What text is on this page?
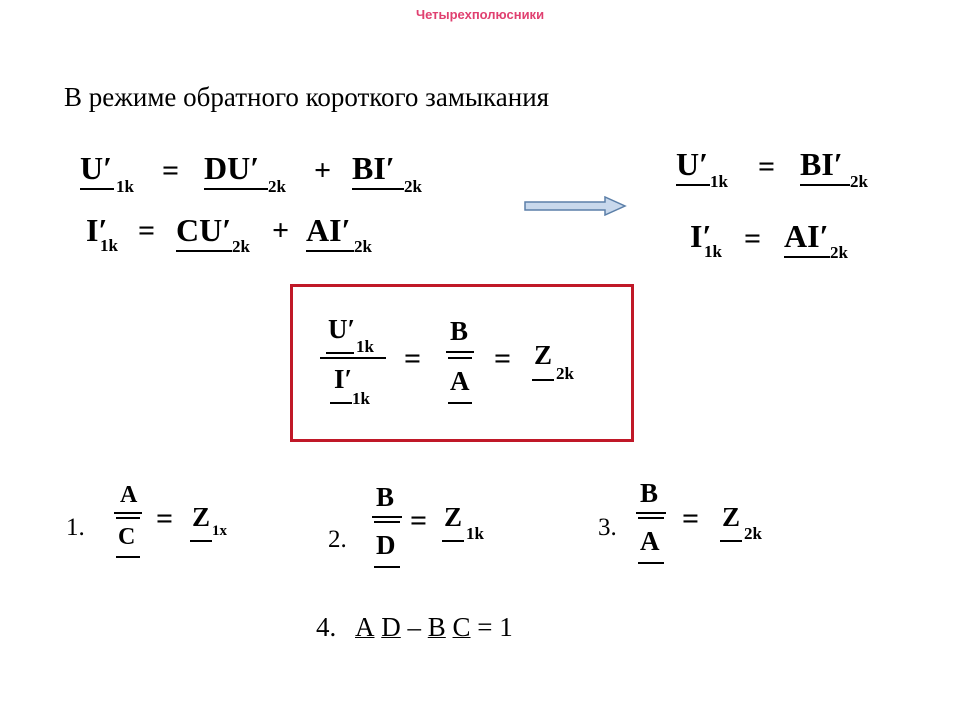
Четырехполюсники
В режиме обратного короткого замыкания
U′
1k = DU′
2k + BI′
2k
I′
1k = CU′ 2k + AI′ 2k
U′ 1k = BI′ 2k
I′
1k = AI′ 2k
U′
1k
I′
1k
=
B
A
= Z
2k
1.
A
C
= Z 1x	2.
B
D
= Z
1k	3.
B
A
= Z
2k
4. A D – B C = 1
